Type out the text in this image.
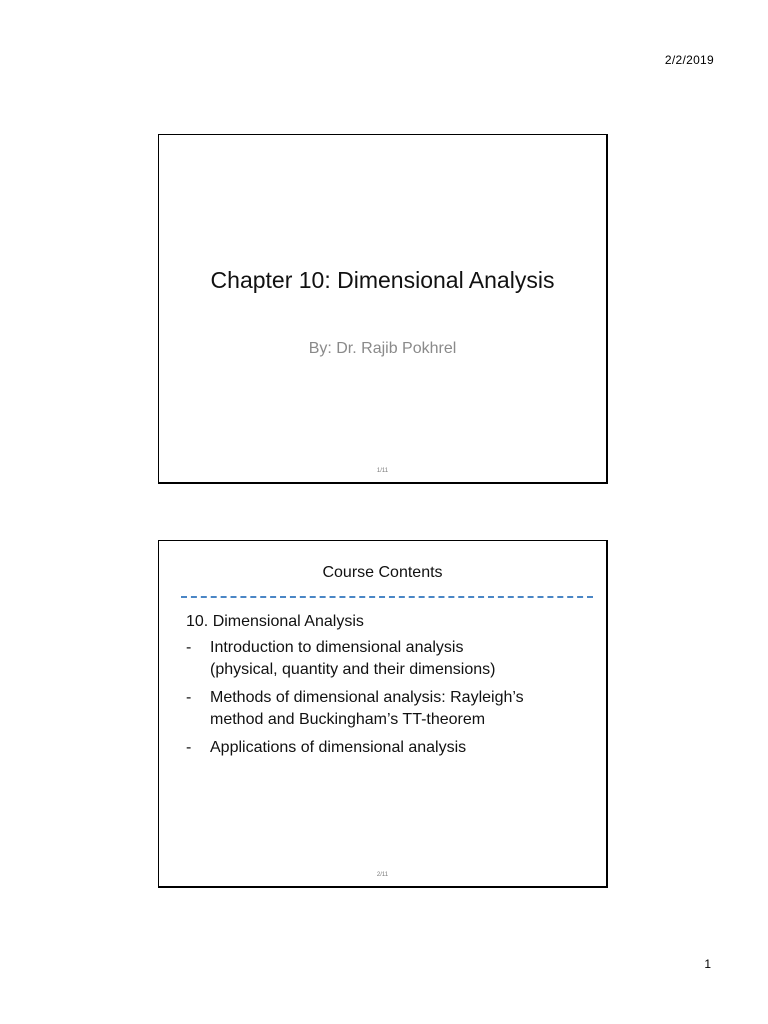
2/2/2019
Chapter 10: Dimensional Analysis
By: Dr. Rajib Pokhrel
1/11
Course Contents
10. Dimensional Analysis
- Introduction to dimensional analysis
(physical, quantity and their dimensions)
- Methods of dimensional analysis: Rayleigh’s
method and Buckingham’s TT-theorem
- Applications of dimensional analysis
2/11
1
